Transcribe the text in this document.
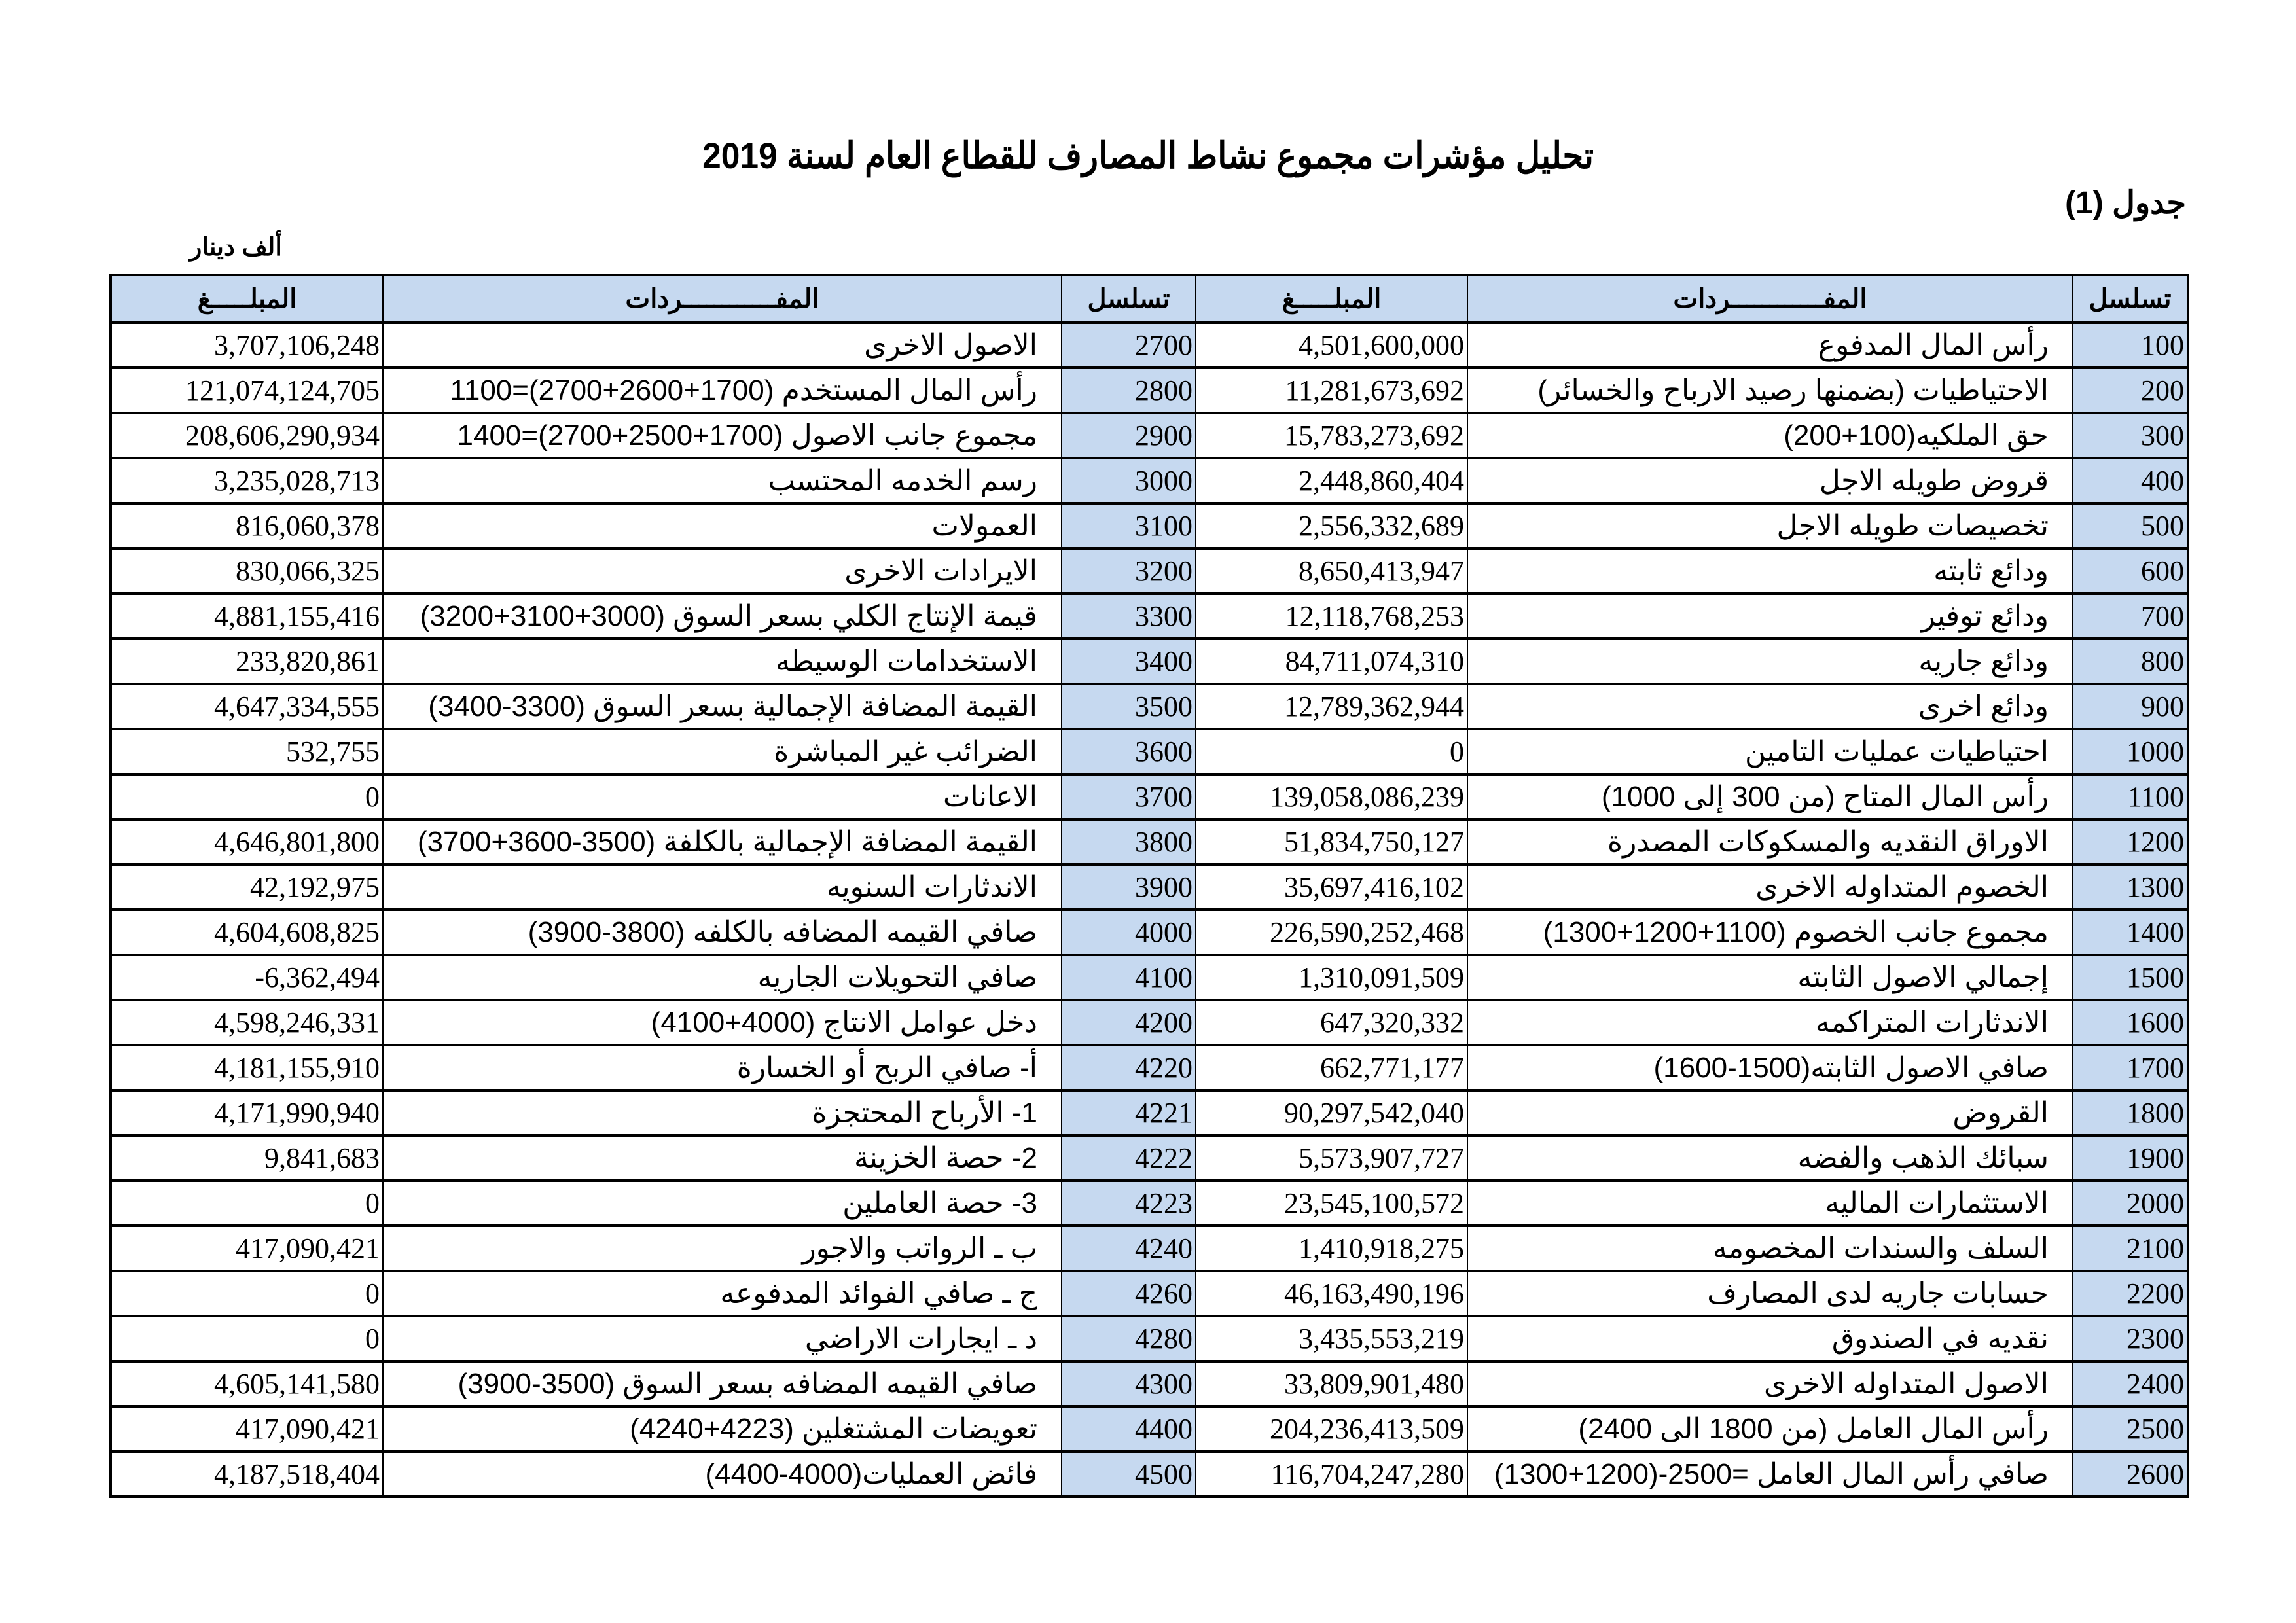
تحليل مؤشرات مجموع نشاط المصارف للقطاع العام لسنة 2019
جدول (1)
ألف دينار
المبلـــــغ	المفــــــــــــردات	تسلسل	المبلـــــغ	المفــــــــــــردات	تسلسل
3,707,106,248	الاصول الاخرى	2700	4,501,600,000	رأس المال المدفوع	100
121,074,124,705	رأس المال المستخدم (1700+2600+2700)=1100	2800	11,281,673,692	الاحتياطيات (بضمنها رصيد الارباح والخسائر)	200
208,606,290,934	مجموع جانب الاصول (1700+2500+2700)=1400	2900	15,783,273,692	حق الملكيه(100+200)	300
3,235,028,713	رسم الخدمه المحتسب	3000	2,448,860,404	قروض طويله الاجل	400
816,060,378	العمولات	3100	2,556,332,689	تخصيصات طويله الاجل	500
830,066,325	الايرادات الاخرى	3200	8,650,413,947	ودائع ثابته	600
4,881,155,416	قيمة الإنتاج الكلي بسعر السوق (3000+3100+3200)	3300	12,118,768,253	ودائع توفير	700
233,820,861	الاستخدامات الوسيطه	3400	84,711,074,310	ودائع جاريه	800
4,647,334,555	القيمة المضافة الإجمالية بسعر السوق (3300-3400)	3500	12,789,362,944	ودائع اخرى	900
532,755	الضرائب غير المباشرة	3600	0	احتياطيات عمليات التامين	1000
0	الاعانات	3700	139,058,086,239	رأس المال المتاح (من 300 إلى 1000)	1100
4,646,801,800	القيمة المضافة الإجمالية بالكلفة (3500-3600+3700)	3800	51,834,750,127	الاوراق النقديه والمسكوكات المصدرة	1200
42,192,975	الاندثارات السنويه	3900	35,697,416,102	الخصوم المتداوله الاخرى	1300
4,604,608,825	صافي القيمه المضافه بالكلفه (3800-3900)	4000	226,590,252,468	مجموع جانب الخصوم (1100+1200+1300)	1400
-6,362,494	صافي التحويلات الجاريه	4100	1,310,091,509	إجمالي الاصول الثابته	1500
4,598,246,331	دخل عوامل الانتاج (4000+4100)	4200	647,320,332	الاندثارات المتراكمه	1600
4,181,155,910	أ- صافي الربح أو الخسارة	4220	662,771,177	صافي الاصول الثابته(1500-1600)	1700
4,171,990,940	1- الأرباح المحتجزة	4221	90,297,542,040	القروض	1800
9,841,683	2- حصة الخزينة	4222	5,573,907,727	سبائك الذهب والفضه	1900
0	3- حصة العاملين	4223	23,545,100,572	الاستثمارات الماليه	2000
417,090,421	ب ـ الرواتب والاجور	4240	1,410,918,275	السلف والسندات المخصومه	2100
0	ج ـ صافي الفوائد المدفوعه	4260	46,163,490,196	حسابات جاريه لدى المصارف	2200
0	د ـ ايجارات الاراضي	4280	3,435,553,219	نقديه في الصندوق	2300
4,605,141,580	صافي القيمه المضافه بسعر السوق (3500-3900)	4300	33,809,901,480	الاصول المتداوله الاخرى	2400
417,090,421	تعويضات المشتغلين (4223+4240)	4400	204,236,413,509	رأس المال العامل (من 1800 الى 2400)	2500
4,187,518,404	فائض العمليات(4000-4400)	4500	116,704,247,280	صافي رأس المال العامل =2500-(1200+1300)	2600
